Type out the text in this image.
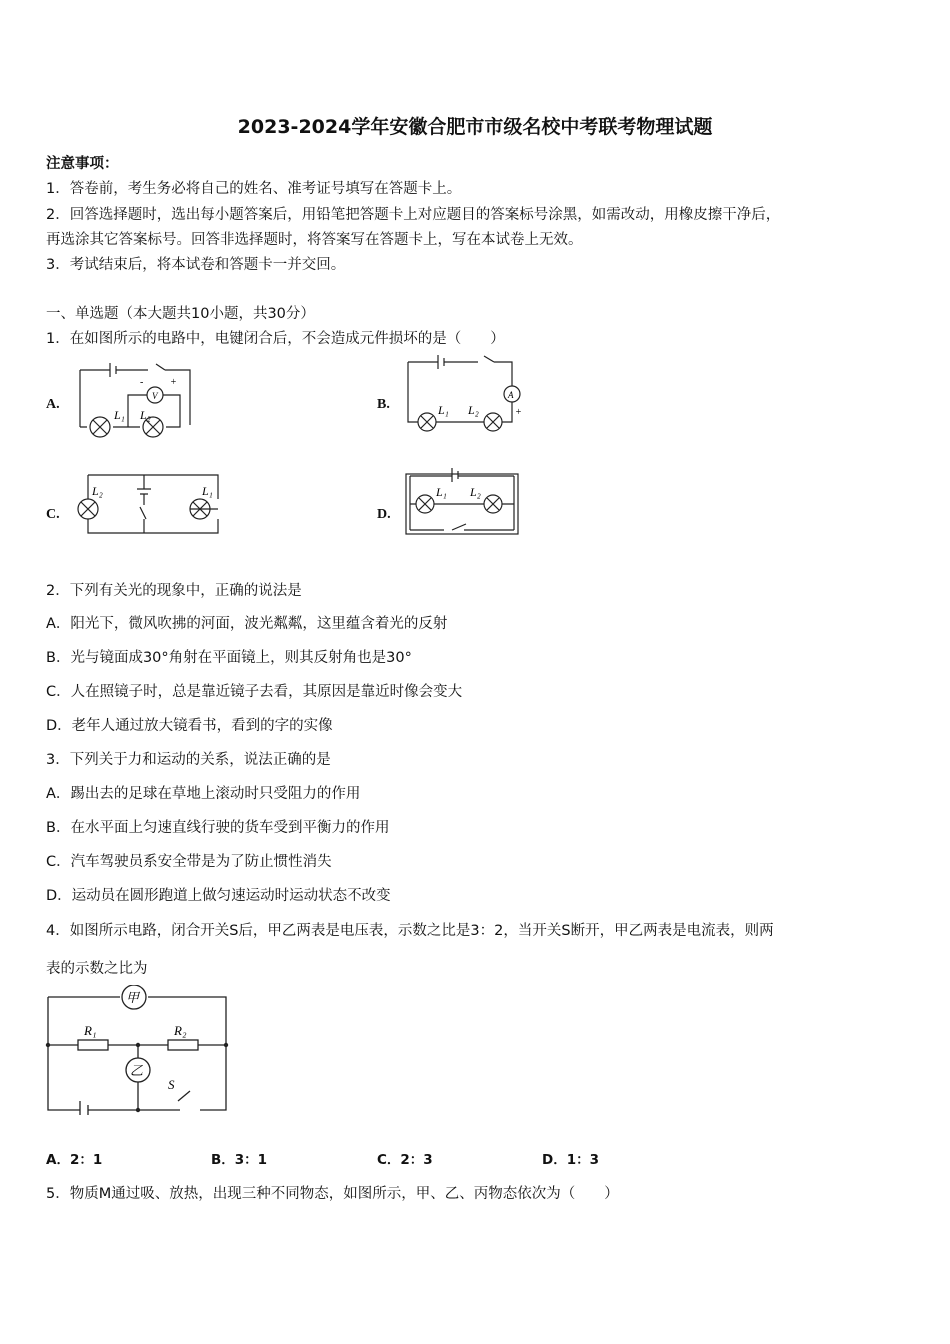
2023-2024学年安徽合肥市市级名校中考联考物理试题
注意事项：
1．答卷前，考生务必将自己的姓名、准考证号填写在答题卡上。
2．回答选择题时，选出每小题答案后，用铅笔把答题卡上对应题目的答案标号涂黑，如需改动，用橡皮擦干净后，
再选涂其它答案标号。回答非选择题时，将答案写在答题卡上，写在本试卷上无效。
3．考试结束后，将本试卷和答题卡一并交回。
一、单选题（本大题共10小题，共30分）
1．在如图所示的电路中，电键闭合后，不会造成元件损坏的是（　　）
A.	B.
C.	D.
V
L₁ L₂
-	+
A
L₁ L₂	+
L₂	L₁	L₁ L₂
2．下列有关光的现象中，正确的说法是
A．阳光下，微风吹拂的河面，波光粼粼，这里蕴含着光的反射
B．光与镜面成30°角射在平面镜上，则其反射角也是30°
C．人在照镜子时，总是靠近镜子去看，其原因是靠近时像会变大
D．老年人通过放大镜看书，看到的字的实像
3．下列关于力和运动的关系，说法正确的是
A．踢出去的足球在草地上滚动时只受阻力的作用
B．在水平面上匀速直线行驶的货车受到平衡力的作用
C．汽车驾驶员系安全带是为了防止惯性消失
D．运动员在圆形跑道上做匀速运动时运动状态不改变
4．如图所示电路，闭合开关S后，甲乙两表是电压表，示数之比是3：2，当开关S断开，甲乙两表是电流表，则两
表的示数之比为
甲
乙
R₁	R₂
S
A．2：1	B．3：1	C．2：3	D．1：3
5．物质M通过吸、放热，出现三种不同物态，如图所示，甲、乙、丙物态依次为（　　）
